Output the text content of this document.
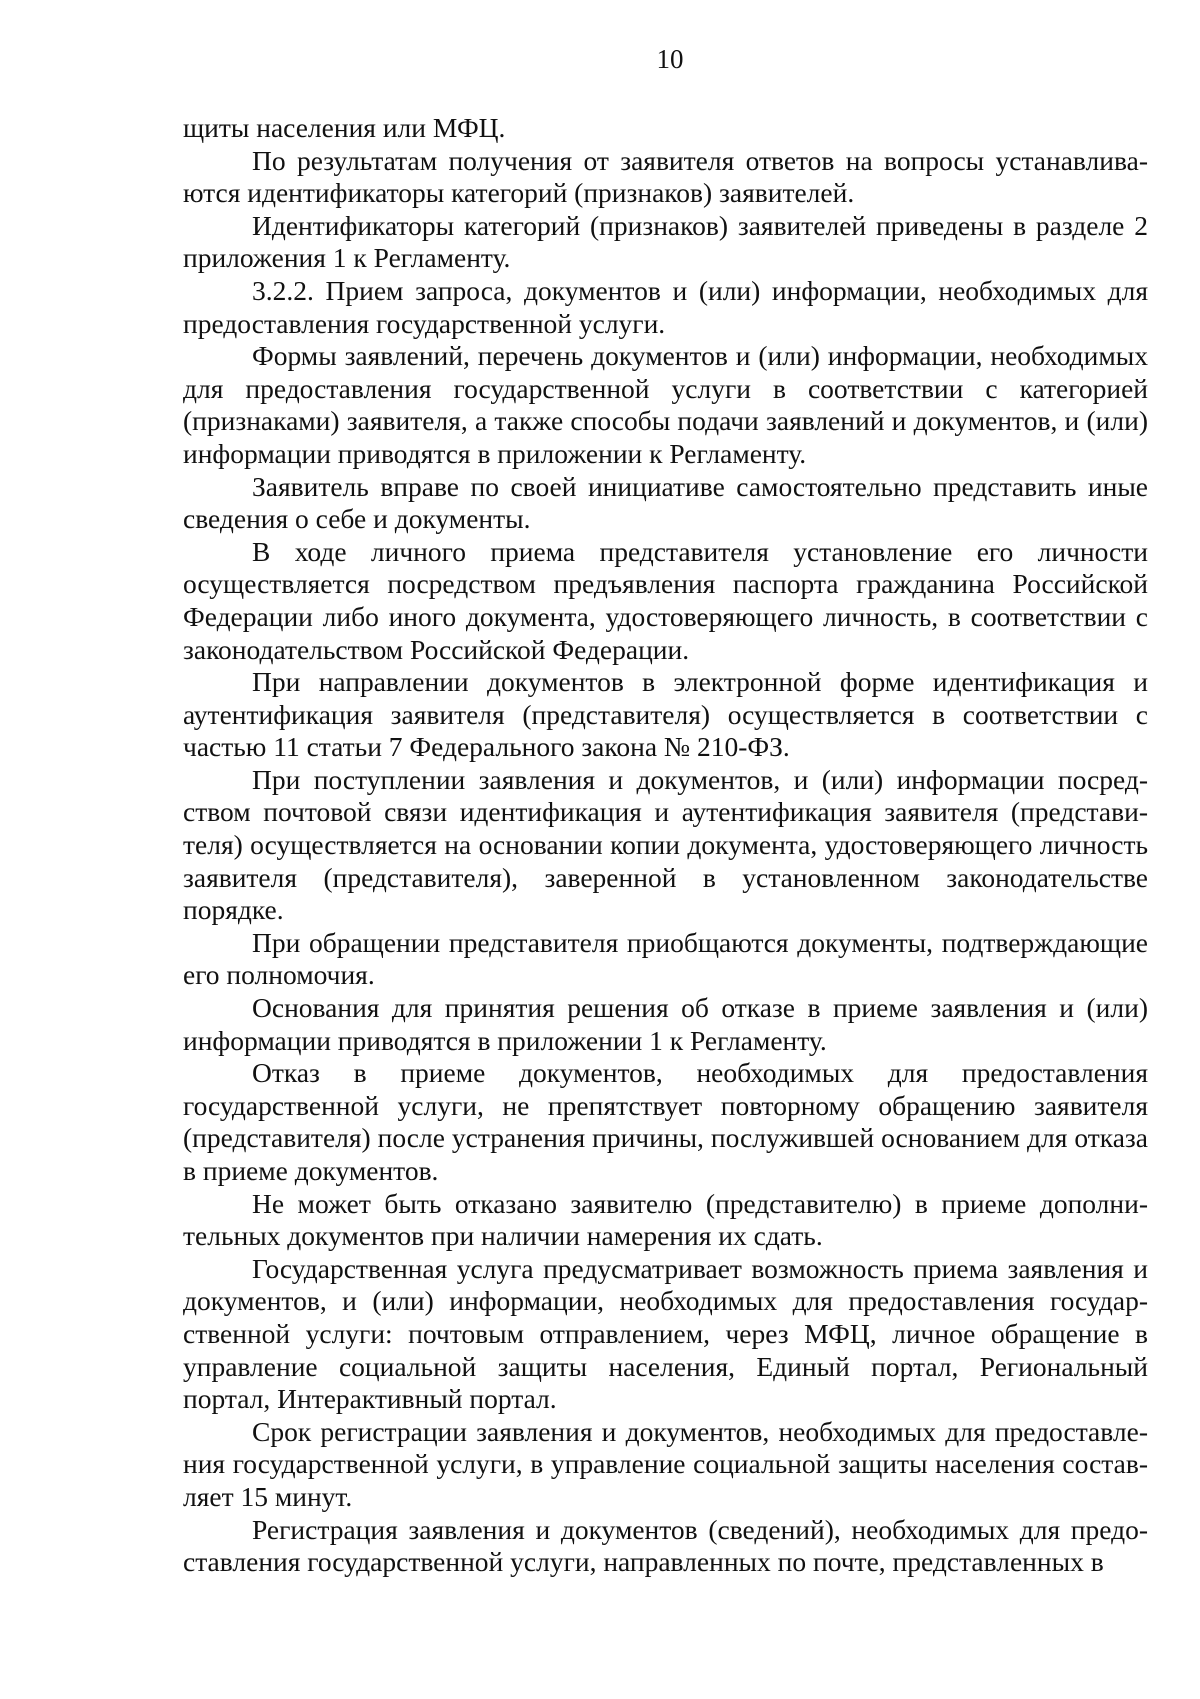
10

щиты населения или МФЦ.

По результатам получения от заявителя ответов на вопросы устанавливаются идентификаторы категорий (признаков) заявителей.

Идентификаторы категорий (признаков) заявителей приведены в разделе 2 приложения 1 к Регламенту.

3.2.2. Прием запроса, документов и (или) информации, необходимых для предоставления государственной услуги.

Формы заявлений, перечень документов и (или) информации, необходимых для предоставления государственной услуги в соответствии с категорией (признаками) заявителя, а также способы подачи заявлений и документов, и (или) информации приводятся в приложении к Регламенту.

Заявитель вправе по своей инициативе самостоятельно представить иные сведения о себе и документы.

В ходе личного приема представителя установление его личности осуществляется посредством предъявления паспорта гражданина Российской Федерации либо иного документа, удостоверяющего личность, в соответствии с законодательством Российской Федерации.

При направлении документов в электронной форме идентификация и аутентификация заявителя (представителя) осуществляется в соответствии с частью 11 статьи 7 Федерального закона № 210-ФЗ.

При поступлении заявления и документов, и (или) информации посредством почтовой связи идентификация и аутентификация заявителя (представителя) осуществляется на основании копии документа, удостоверяющего личность заявителя (представителя), заверенной в установленном законодательстве порядке.

При обращении представителя приобщаются документы, подтверждающие его полномочия.

Основания для принятия решения об отказе в приеме заявления и (или) информации приводятся в приложении 1 к Регламенту.

Отказ в приеме документов, необходимых для предоставления государственной услуги, не препятствует повторному обращению заявителя (представителя) после устранения причины, послужившей основанием для отказа в приеме документов.

Не может быть отказано заявителю (представителю) в приеме дополнительных документов при наличии намерения их сдать.

Государственная услуга предусматривает возможность приема заявления и документов, и (или) информации, необходимых для предоставления государственной услуги: почтовым отправлением, через МФЦ, личное обращение в управление социальной защиты населения, Единый портал, Региональный портал, Интерактивный портал.

Срок регистрации заявления и документов, необходимых для предоставления государственной услуги, в управление социальной защиты населения составляет 15 минут.

Регистрация заявления и документов (сведений), необходимых для предоставления государственной услуги, направленных по почте, представленных в
